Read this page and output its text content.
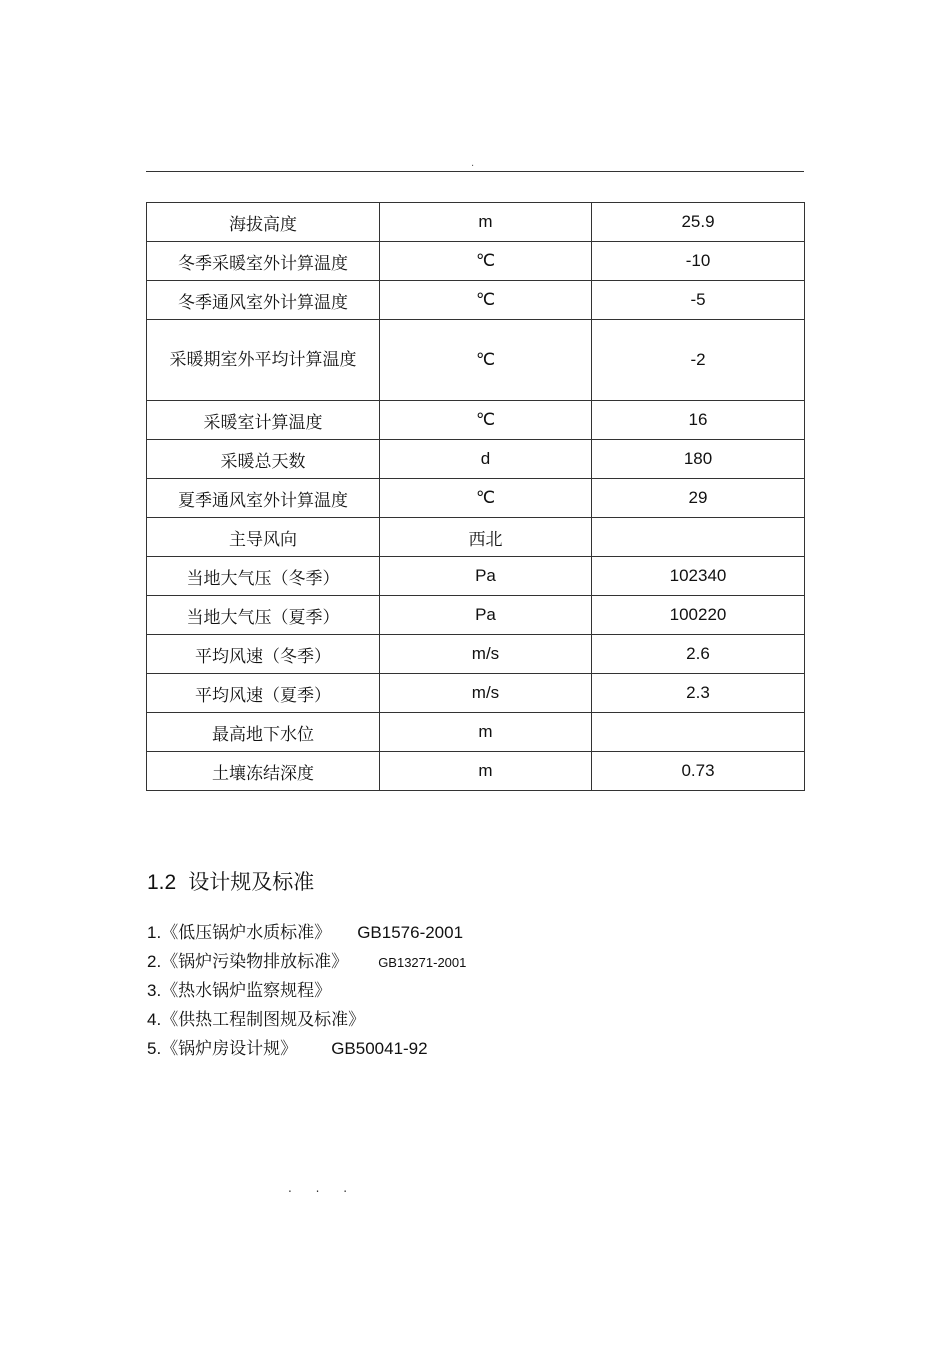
.
海拔高度	m	25.9
冬季采暖室外计算温度	℃	-10
冬季通风室外计算温度	℃	-5
采暖期室外平均计算温度	℃	-2
采暖室计算温度	℃	16
采暖总天数	d	180
夏季通风室外计算温度	℃	29
主导风向	西北	
当地大气压（冬季）	Pa	102340
当地大气压（夏季）	Pa	100220
平均风速（冬季）	m/s	2.6
平均风速（夏季）	m/s	2.3
最高地下水位	m	
土壤冻结深度	m	0.73
1.2 设计规及标准
1.《低压锅炉水质标准》 GB1576-2001
2.《锅炉污染物排放标准》 GB13271-2001
3.《热水锅炉监察规程》
4.《供热工程制图规及标准》
5.《锅炉房设计规》 GB50041-92
. . .
